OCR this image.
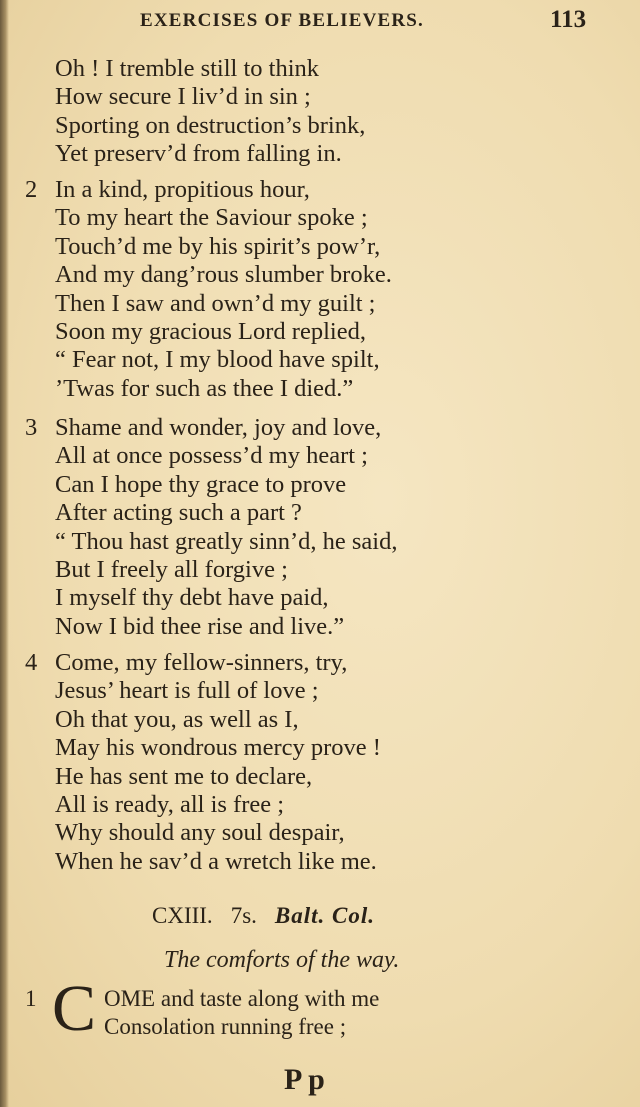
EXERCISES OF BELIEVERS.	113
Oh ! I tremble still to think
How secure I liv’d in sin ;
Sporting on destruction’s brink,
Yet preserv’d from falling in.
2 In a kind, propitious hour,
To my heart the Saviour spoke ;
Touch’d me by his spirit’s pow’r,
And my dang’rous slumber broke.
Then I saw and own’d my guilt ;
Soon my gracious Lord replied,
“ Fear not, I my blood have spilt,
’Twas for such as thee I died.”
3 Shame and wonder, joy and love,
All at once possess’d my heart ;
Can I hope thy grace to prove
After acting such a part ?
“ Thou hast greatly sinn’d, he said,
But I freely all forgive ;
I myself thy debt have paid,
Now I bid thee rise and live.”
4 Come, my fellow-sinners, try,
Jesus’ heart is full of love ;
Oh that you, as well as I,
May his wondrous mercy prove !
He has sent me to declare,
All is ready, all is free ;
Why should any soul despair,
When he sav’d a wretch like me.
CXIII. 7s. Balt. Col.
The comforts of the way.
1 C OME and taste along with me
Consolation running free ;
P p
